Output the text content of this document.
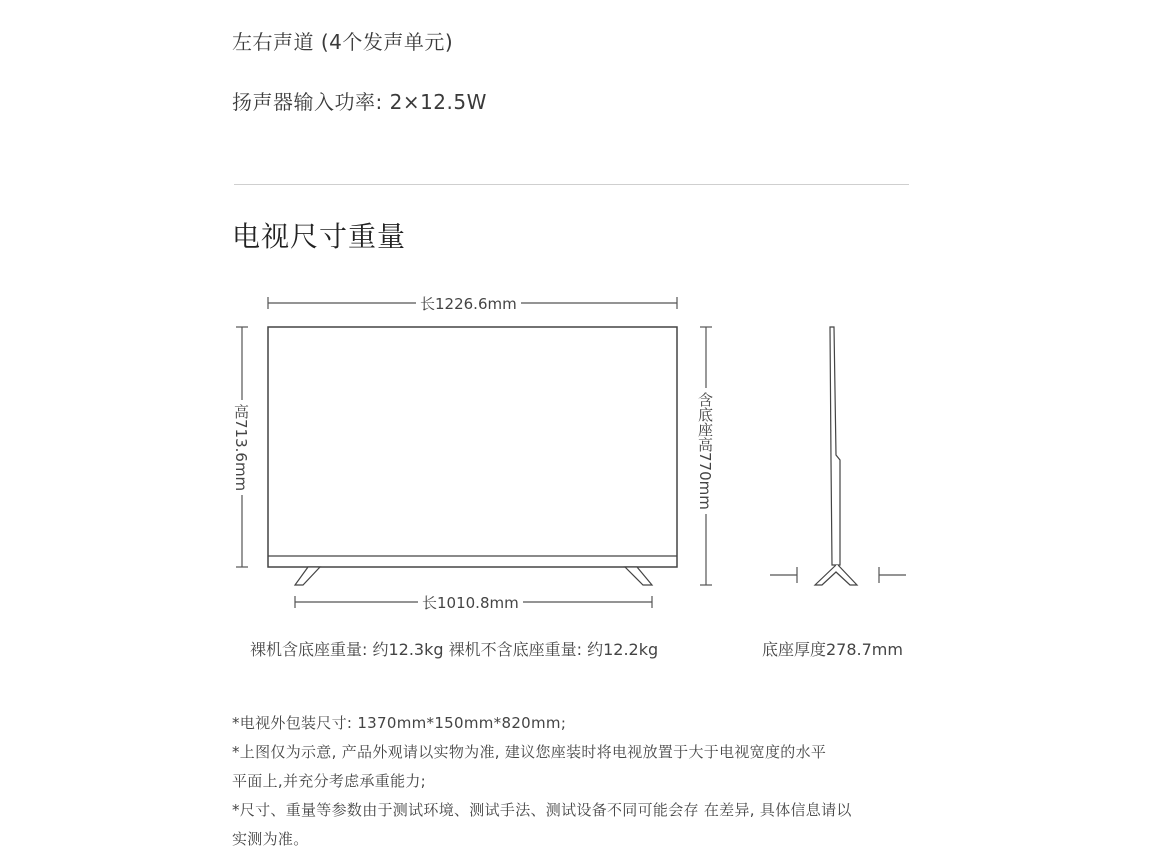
左右声道 (4个发声单元)
扬声器输入功率: 2×12.5W
电视尺寸重量
长1226.6mm
高713.6mm	含底座高770mm
长1010.8mm
裸机含底座重量: 约12.3kg 裸机不含底座重量: 约12.2kg	底座厚度278.7mm
*电视外包装尺寸: 1370mm*150mm*820mm;
*上图仅为示意, 产品外观请以实物为准, 建议您座装时将电视放置于大于电视宽度的水平
平面上,并充分考虑承重能力;
*尺寸、重量等参数由于测试环境、测试手法、测试设备不同可能会存 在差异, 具体信息请以
实测为准。
